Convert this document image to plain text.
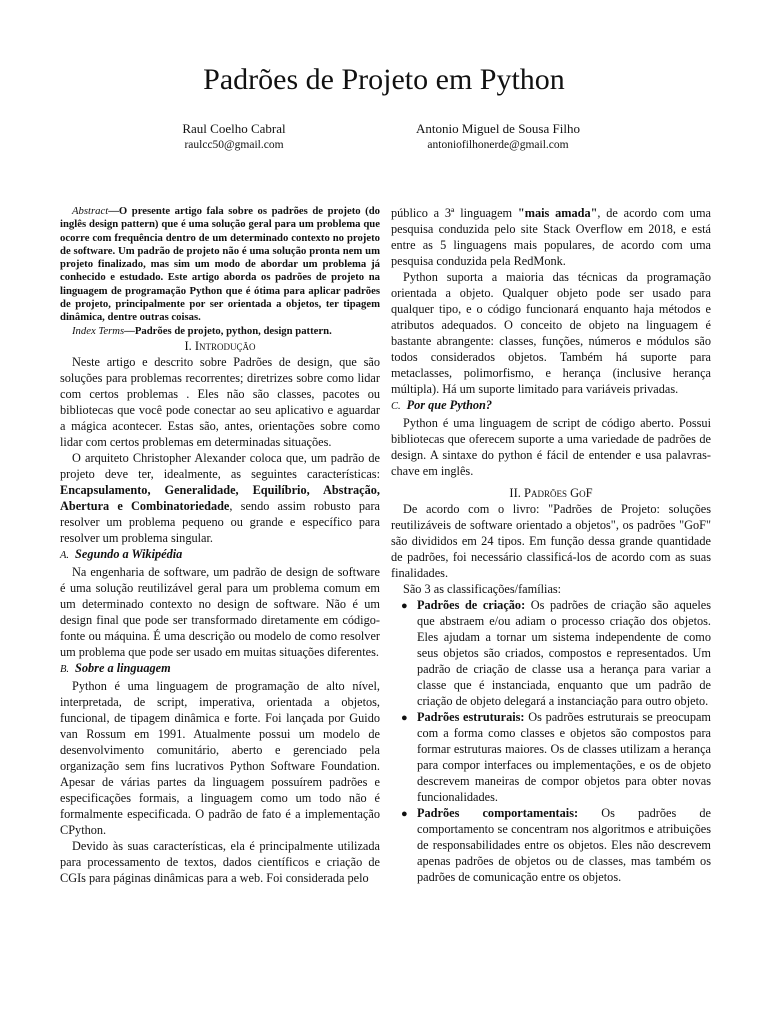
Padrões de Projeto em Python
Raul Coelho Cabral
raulcc50@gmail.com
Antonio Miguel de Sousa Filho
antoniofilhonerde@gmail.com

Abstract—O presente artigo fala sobre os padrões de projeto (do inglês design pattern) que é uma solução geral para um problema que ocorre com frequência dentro de um determinado contexto no projeto de software. Um padrão de projeto não é uma solução pronta nem um projeto finalizado, mas sim um modo de abordar um problema já conhecido e estudado. Este artigo aborda os padrões de projeto na linguagem de programação Python que é ótima para aplicar padrões de projeto, principalmente por ser orientada a objetos, ter tipagem dinâmica, dentre outras coisas.

Index Terms—Padrões de projeto, python, design pattern.

I. Introdução

Neste artigo e descrito sobre Padrões de design, que são soluções para problemas recorrentes; diretrizes sobre como lidar com certos problemas . Eles não são classes, pacotes ou bibliotecas que você pode conectar ao seu aplicativo e aguardar a mágica acontecer. Estas são, antes, orientações sobre como lidar com certos problemas em determinadas situações.

O arquiteto Christopher Alexander coloca que, um padrão de projeto deve ter, idealmente, as seguintes características: Encapsulamento, Generalidade, Equilíbrio, Abstração, Abertura e Combinatoriedade, sendo assim robusto para resolver um problema pequeno ou grande e específico para resolver um problema singular.

A. Segundo a Wikipédia

Na engenharia de software, um padrão de design de software é uma solução reutilizável geral para um problema comum em um determinado contexto no design de software. Não é um design final que pode ser transformado diretamente em código-fonte ou máquina. É uma descrição ou modelo de como resolver um problema que pode ser usado em muitas situações diferentes.

B. Sobre a linguagem

Python é uma linguagem de programação de alto nível, interpretada, de script, imperativa, orientada a objetos, funcional, de tipagem dinâmica e forte. Foi lançada por Guido van Rossum em 1991. Atualmente possui um modelo de desenvolvimento comunitário, aberto e gerenciado pela organização sem fins lucrativos Python Software Foundation. Apesar de várias partes da linguagem possuírem padrões e especificações formais, a linguagem como um todo não é formalmente especificada. O padrão de fato é a implementação CPython.

Devido às suas características, ela é principalmente utilizada para processamento de textos, dados científicos e criação de CGIs para páginas dinâmicas para a web. Foi considerada pelo

público a 3ª linguagem "mais amada", de acordo com uma pesquisa conduzida pelo site Stack Overflow em 2018, e está entre as 5 linguagens mais populares, de acordo com uma pesquisa conduzida pela RedMonk.

Python suporta a maioria das técnicas da programação orientada a objeto. Qualquer objeto pode ser usado para qualquer tipo, e o código funcionará enquanto haja métodos e atributos adequados. O conceito de objeto na linguagem é bastante abrangente: classes, funções, números e módulos são todos considerados objetos. Também há suporte para metaclasses, polimorfismo, e herança (inclusive herança múltipla). Há um suporte limitado para variáveis privadas.

C. Por que Python?

Python é uma linguagem de script de código aberto. Possui bibliotecas que oferecem suporte a uma variedade de padrões de design. A sintaxe do python é fácil de entender e usa palavras-chave em inglês.

II. Padrões GoF

De acordo com o livro: "Padrões de Projeto: soluções reutilizáveis de software orientado a objetos", os padrões "GoF" são divididos em 24 tipos. Em função dessa grande quantidade de padrões, foi necessário classificá-los de acordo com as suas finalidades.

São 3 as classificações/famílias:

● Padrões de criação: Os padrões de criação são aqueles que abstraem e/ou adiam o processo criação dos objetos. Eles ajudam a tornar um sistema independente de como seus objetos são criados, compostos e representados. Um padrão de criação de classe usa a herança para variar a classe que é instanciada, enquanto que um padrão de criação de objeto delegará a instanciação para outro objeto.
● Padrões estruturais: Os padrões estruturais se preocupam com a forma como classes e objetos são compostos para formar estruturas maiores. Os de classes utilizam a herança para compor interfaces ou implementações, e os de objeto descrevem maneiras de compor objetos para obter novas funcionalidades.
● Padrões comportamentais: Os padrões de comportamento se concentram nos algoritmos e atribuições de responsabilidades entre os objetos. Eles não descrevem apenas padrões de objetos ou de classes, mas também os padrões de comunicação entre os objetos.
